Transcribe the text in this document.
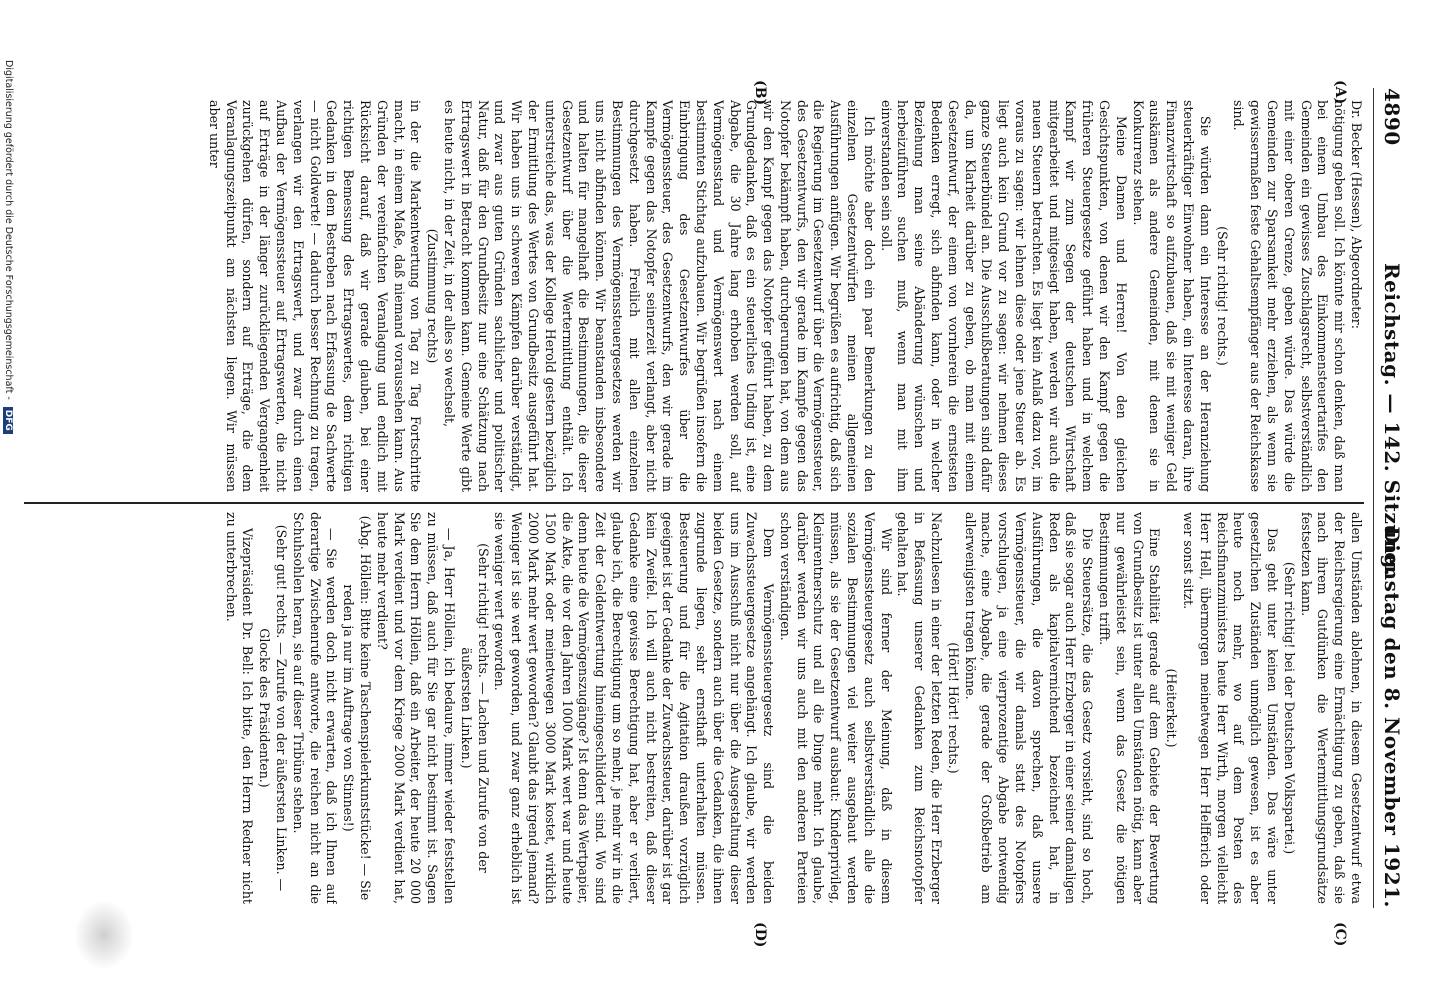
4890
Reichstag. — 142. Sitzung.
Dienstag den 8. November 1921.
(A)
(B)
(C)
(D)

Dr. Becker (Hessen), Abgeordneter:

nötigung geben soll. Ich könnte mir schon denken, daß man bei einem Umbau des Einkommensteuertarifes den Gemeinden ein gewisses Zuschlagsrecht, selbstverständlich mit einer oberen Grenze, geben würde. Das würde die Gemeinden zur Sparsamkeit mehr erziehen, als wenn sie gewissermaßen feste Gehaltsempfänger aus der Reichskasse sind.

(Sehr richtig! rechts.)

Sie würden dann ein Interesse an der Heranziehung steuerkräftiger Einwohner haben, ein Interesse daran, ihre Finanzwirtschaft so aufzubauen, daß sie mit weniger Geld auskämen als andere Gemeinden, mit denen sie in Konkurrenz stehen.

Meine Damen und Herren! Von den gleichen Gesichtspunkten, von denen wir den Kampf gegen die früheren Steuergesetze geführt haben und in welchem Kampf wir zum Segen der deutschen Wirtschaft mitgearbeitet und mitgesiegt haben, werden wir auch die neuen Steuern betrachten. Es liegt kein Anlaß dazu vor, im voraus zu sagen: wir lehnen diese oder jene Steuer ab. Es liegt auch kein Grund vor zu sagen: wir nehmen dieses ganze Steuerbündel an. Die Ausschußberatungen sind dafür da, um Klarheit darüber zu geben, ob man mit einem Gesetzentwurf, der einem von vornherein die ernstesten Bedenken erregt, sich abfinden kann, oder in welcher Beziehung man seine Abänderung wünschen und herbeizuführen suchen muß, wenn man mit ihm einverstanden sein soll.

Ich möchte aber doch ein paar Bemerkungen zu den einzelnen Gesetzentwürfen meinen allgemeinen Ausführungen anfügen. Wir begrüßen es aufrichtig, daß sich die Regierung im Gesetzentwurf über die Vermögenssteuer, des Gesetzentwurfs, den wir gerade im Kampfe gegen das Notopfer bekämpft haben, durchgerungen hat, von dem aus wir den Kampf gegen das Notopfer geführt haben, zu dem Grundgedanken, daß es ein steuerliches Unding ist, eine Abgabe, die 30 Jahre lang erhoben werden soll, auf Vermögensstand und Vermögenswert nach einem bestimmten Stichtag aufzubauen. Wir begrüßen insofern die Einbringung des Gesetzentwurfes über die Vermögenssteuer, des Gesetzentwurfs, den wir gerade im Kampfe gegen das Notopfer seinerzeit verlangt, aber nicht durchgesetzt haben. Freilich mit allen einzelnen Bestimmungen des Vermögenssteuergesetzes werden wir uns nicht abfinden können. Wir beanstanden insbesondere und halten für mangelhaft die Bestimmungen, die dieser Gesetzentwurf über die Wertermittlung enthält. Ich unterstreiche das, was der Kollege Herold gestern bezüglich der Ermittlung des Wertes von Grundbesitz ausgeführt hat. Wir haben uns in schweren Kämpfen darüber verständigt, und zwar aus guten Gründen sachlicher und politischer Natur, daß für den Grundbesitz nur eine Schätzung nach Ertragswert in Betracht kommen kann. Gemeine Werte gibt es heute nicht, in der Zeit, in der alles so wechselt,

(Zustimmung rechts)

in der die Markentwertung von Tag zu Tag Fortschritte macht, in einem Maße, daß niemand voraussehen kann. Aus Gründen der vereinfachten Veranlagung und endlich mit Rücksicht darauf, daß wir gerade glauben, bei einer richtigen Bemessung des Ertragswertes, dem richtigen Gedanken in dem Bestreben nach Erfassung de Sachwerte — nicht Goldwerte! — dadurch besser Rechnung zu tragen, verlangen wir den Ertragswert, und zwar durch einen Aufbau der Vermögenssteuer auf Ertragswerten, die nicht auf Erträge in der länger zurückliegenden Vergangenheit zurückgehen dürfen, sondern auf Erträge, die dem Veranlagungszeitpunkt am nächsten liegen. Wir müssen aber unter

allen Umständen ablehnen, in diesem Gesetzentwurf etwa der Reichsregierung eine Ermächtigung zu geben, daß sie nach ihrem Gutdünken die Wertermittlungsgrundsätze festsetzen kann.

(Sehr richtig! bei der Deutschen Volkspartei.)

Das geht unter keinen Umständen. Das wäre unter gesetzlichen Zuständen unmöglich gewesen, ist es aber heute noch mehr, wo auf dem Posten des Reichsfinanzministers heute Herr Wirth, morgen vielleicht Herr Hell, übermorgen meinetwegen Herr Helfferich oder wer sonst sitzt.

(Heiterkeit.)

Eine Stabilität gerade auf dem Gebiete der Bewertung von Grundbesitz ist unter allen Umständen nötig, kann aber nur gewährleistet sein, wenn das Gesetz die nötigen Bestimmungen trifft.

Die Steuersätze, die das Gesetz vorsieht, sind so hoch, daß sie sogar auch Herr Erzberger in einer seiner damaligen Reden als kapitalvernichtend bezeichnet hat, in Ausführungen, die davon sprechen, daß unsere Vermögenssteuer, die wir damals statt des Notopfers vorschlugen, ja eine vierprozentige Abgabe notwendig mache, eine Abgabe, die gerade der Großbetrieb am allerwenigsten tragen könne.

(Hört! Hört! rechts.)

Nachzulesen in einer der letzten Reden, die Herr Erzberger in Befassung unserer Gedanken zum Reichsnotopfer gehalten hat.

Wir sind ferner der Meinung, daß in diesem Vermögenssteuergesetz auch selbstverständlich alle die sozialen Bestimmungen viel weiter ausgebaut werden müssen, als sie der Gesetzentwurf ausbaut: Kinderprivileg, Kleinrentnerschutz und all die Dinge mehr. Ich glaube, darüber werden wir uns auch mit den anderen Parteien schon verständigen.

Dem Vermögenssteuergesetz sind die beiden Zuwachssteuergesetze angehängt. Ich glaube, wir werden uns im Ausschuß nicht nur über die Ausgestaltung dieser beiden Gesetze, sondern auch über die Gedanken, die ihnen zugrunde liegen, sehr ernsthaft unterhalten müssen. Besteuerung und für die Agitation draußen vorzüglich geeignet ist der Gedanke der Zuwachssteuer, darüber ist gar kein Zweifel. Ich will auch nicht bestreiten, daß dieser Gedanke eine gewisse Berechtigung hat, aber er verliert, glaube ich, die Berechtigung um so mehr, je mehr wir in die Zeit der Geldentwertung hineingeschliddert sind. Wo sind denn heute die Vermögenszugänge? Ist denn das Wertpapier, die Akte, die vor den Jahren 1000 Mark wert war und heute 1500 Mark oder meinetwegen 3000 Mark kostet, wirklich 2000 Mark mehr wert geworden? Glaubt das irgend jemand? Weniger ist sie wert geworden, und zwar ganz erheblich ist sie weniger wert geworden.

(Sehr richtig! rechts. — Lachen und Zurufe von der äußersten Linken.)

— Ja, Herr Höllein, ich bedaure, immer wieder feststellen zu müssen, daß auch für Sie gar nicht bestimmt ist. Sagen Sie dem Herrn Höllein, daß ein Arbeiter, der heute 20 000 Mark verdient und vor dem Kriege 2000 Mark verdient hat, heute mehr verdient?

(Abg. Höllein: Bitte keine Taschenspielerkunststücke! — Sie reden ja nur im Auftrage von Stinnes!)

— Sie werden doch nicht erwarten, daß ich Ihnen auf derartige Zwischenrufe antworte, die reichen nicht an die Schuhsohlen heran, sie auf dieser Tribüne stehen.

(Sehr gut! rechts. — Zurufe von der äußersten Linken. — Glocke des Präsidenten.)

Vizepräsident Dr. Bell: Ich bitte, den Herrn Redner nicht zu unterbrechen.

Digitalisierung gefördert durch die Deutsche Forschungsgemeinschaft - DFG
